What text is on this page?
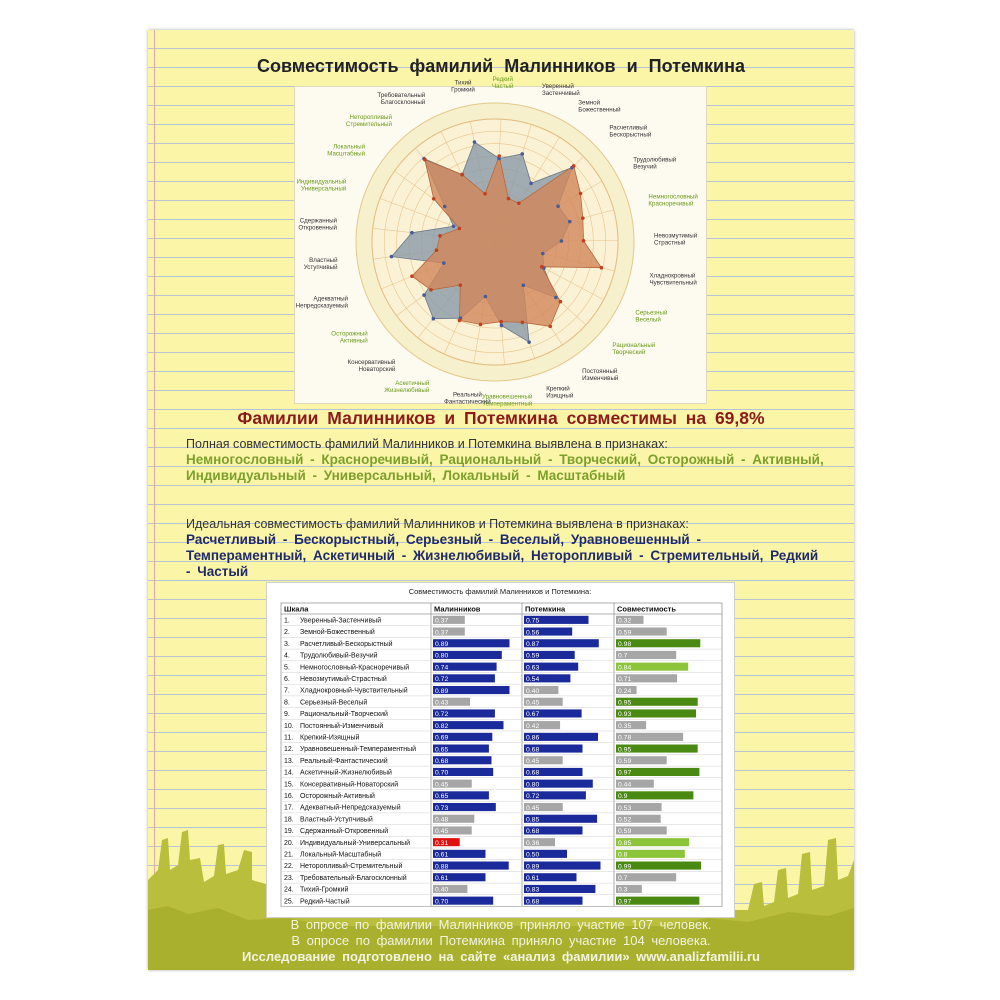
Совместимость фамилий Малинников и Потемкина
Уверенный Застенчивый
Земной Божественный
Расчетливый Бескорыстный
Трудолюбивый Везучий
Немногословный Красноречивый
Невозмутимый Страстный
Хладнокровный Чувствительный
Серьезный Веселый
Рациональный Творческий
Постоянный Изменчивый
Крепкий Изящный
Уравновешенный Темпераментный
Реальный Фантастический
Аскетичный Жизнелюбивый
Консервативный Новаторский
Осторожный Активный
Адекватный Непредсказуемый
Властный Уступчивый
Сдержанный Откровенный
Индивидуальный Универсальный
Локальный Масштабный
Неторопливый Стремительный
Требовательный Благосклонный
Тихий Громкий
Редкий Частый
Фамилии Малинников и Потемкина совместимы на 69,8%
Полная совместимость фамилий Малинников и Потемкина выявлена в признаках:
Немногословный - Красноречивый, Рациональный - Творческий, Осторожный - Активный, Индивидуальный - Универсальный, Локальный - Масштабный
Идеальная совместимость фамилий Малинников и Потемкина выявлена в признаках:
Расчетливый - Бескорыстный, Серьезный - Веселый, Уравновешенный - Темпераментный, Аскетичный - Жизнелюбивый, Неторопливый - Стремительный, Редкий - Частый
Совместимость фамилий Малинников и Потемкина:
Шкала	Малинников	Потемкина	Совместимость
1. Уверенный-Застенчивый	0.37	0.75	0.32
2. Земной-Божественный	0.37	0.56	0.59
3. Расчетливый-Бескорыстный	0.89	0.87	0.98
4. Трудолюбивый-Везучий	0.80	0.59	0.7
5. Немногословный-Красноречивый	0.74	0.63	0.84
6. Невозмутимый-Страстный	0.72	0.54	0.71
7. Хладнокровный-Чувствительный	0.89	0.40	0.24
8. Серьезный-Веселый	0.43	0.45	0.95
9. Рациональный-Творческий	0.72	0.67	0.93
10. Постоянный-Изменчивый	0.82	0.42	0.35
11. Крепкий-Изящный	0.69	0.86	0.78
12. Уравновешенный-Темпераментный	0.65	0.68	0.95
13. Реальный-Фантастический	0.68	0.45	0.59
14. Аскетичный-Жизнелюбивый	0.70	0.68	0.97
15. Консервативный-Новаторский	0.45	0.80	0.44
16. Осторожный-Активный	0.65	0.72	0.9
17. Адекватный-Непредсказуемый	0.73	0.45	0.53
18. Властный-Уступчивый	0.48	0.85	0.52
19. Сдержанный-Откровенный	0.45	0.68	0.59
20. Индивидуальный-Универсальный	0.31	0.36	0.85
21. Локальный-Масштабный	0.61	0.50	0.8
22. Неторопливый-Стремительный	0.88	0.89	0.99
23. Требовательный-Благосклонный	0.61	0.61	0.7
24. Тихий-Громкий	0.40	0.83	0.3
25. Редкий-Частый	0.70	0.68	0.97
В опросе по фамилии Малинников приняло участие 107 человек.
В опросе по фамилии Потемкина приняло участие 104 человека.
Исследование подготовлено на сайте «анализ фамилии» www.analizfamilii.ru
